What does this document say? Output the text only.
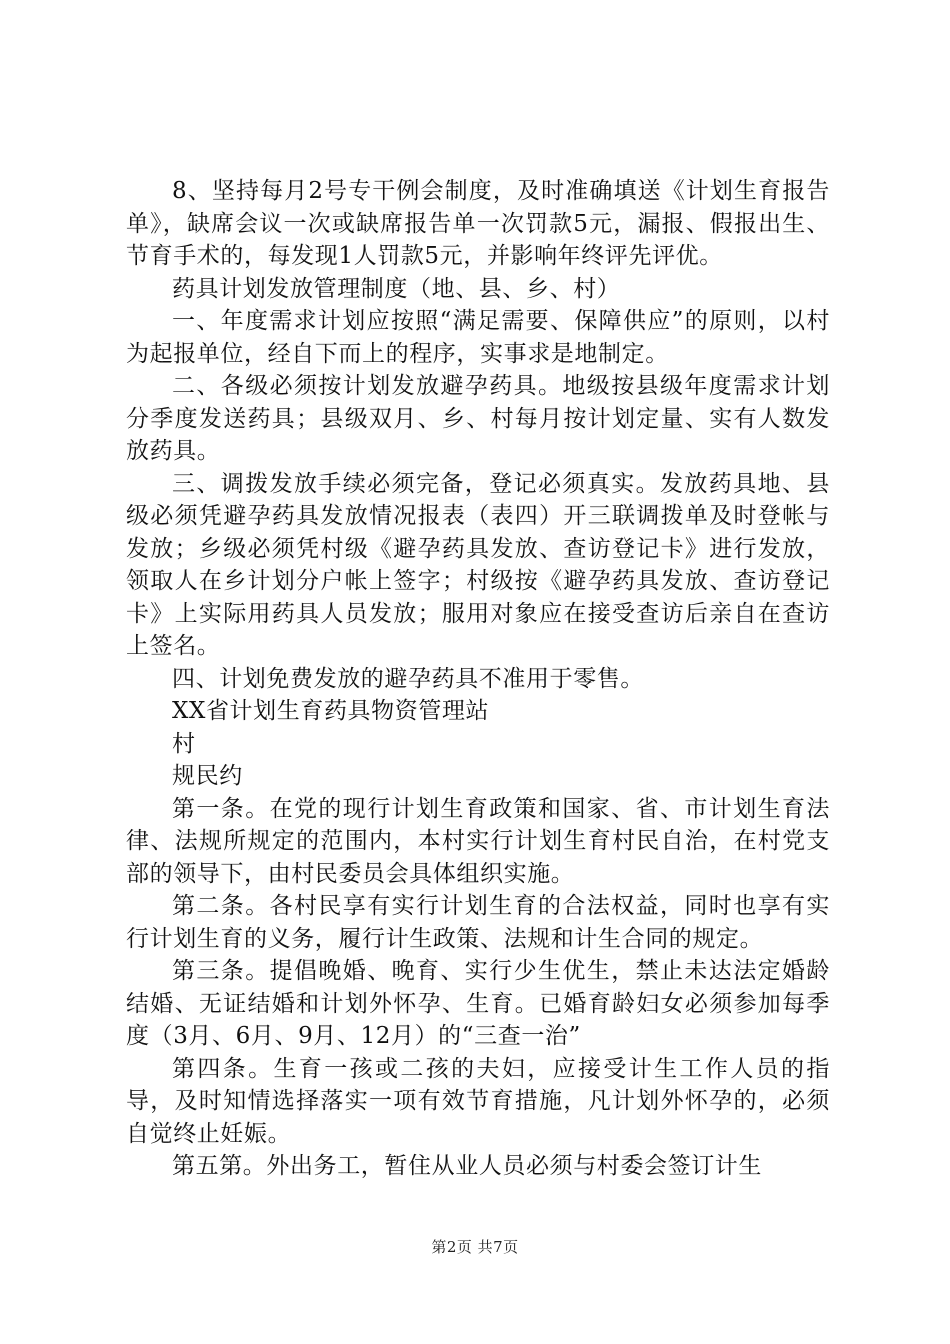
8、坚持每月2号专干例会制度，及时准确填送《计划生育报告单》，缺席会议一次或缺席报告单一次罚款5元，漏报、假报出生、节育手术的，每发现1人罚款5元，并影响年终评先评优。

药具计划发放管理制度（地、县、乡、村）

一、年度需求计划应按照“满足需要、保障供应”的原则，以村为起报单位，经自下而上的程序，实事求是地制定。

二、各级必须按计划发放避孕药具。地级按县级年度需求计划分季度发送药具；县级双月、乡、村每月按计划定量、实有人数发放药具。

三、调拨发放手续必须完备，登记必须真实。发放药具地、县级必须凭避孕药具发放情况报表（表四）开三联调拨单及时登帐与发放；乡级必须凭村级《避孕药具发放、查访登记卡》进行发放，领取人在乡计划分户帐上签字；村级按《避孕药具发放、查访登记卡》上实际用药具人员发放；服用对象应在接受查访后亲自在查访上签名。

四、计划免费发放的避孕药具不准用于零售。

XX省计划生育药具物资管理站

村

规民约

第一条。在党的现行计划生育政策和国家、省、市计划生育法律、法规所规定的范围内，本村实行计划生育村民自治，在村党支部的领导下，由村民委员会具体组织实施。

第二条。各村民享有实行计划生育的合法权益，同时也享有实行计划生育的义务，履行计生政策、法规和计生合同的规定。

第三条。提倡晚婚、晚育、实行少生优生，禁止未达法定婚龄结婚、无证结婚和计划外怀孕、生育。已婚育龄妇女必须参加每季度（3月、6月、9月、12月）的“三查一治”

第四条。生育一孩或二孩的夫妇，应接受计生工作人员的指导，及时知情选择落实一项有效节育措施，凡计划外怀孕的，必须自觉终止妊娠。

第五第。外出务工，暂住从业人员必须与村委会签订计生

第2页 共7页
